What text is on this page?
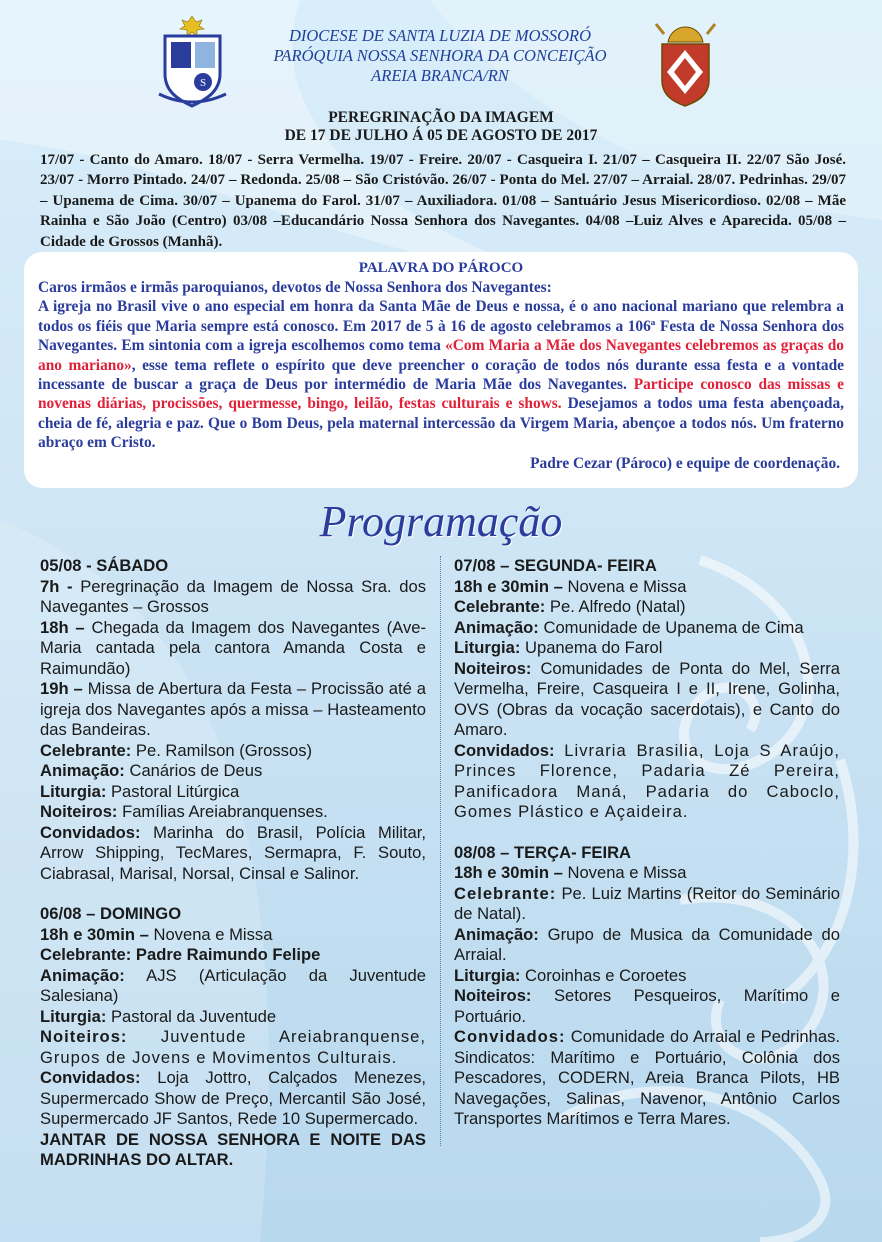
S
DIOCESE DE SANTA LUZIA DE MOSSORÓ
PARÓQUIA NOSSA SENHORA DA CONCEIÇÃO
AREIA BRANCA/RN
PEREGRINAÇÃO DA IMAGEM
DE 17 DE JULHO Á 05 DE AGOSTO DE 2017
17/07 - Canto do Amaro. 18/07 - Serra Vermelha. 19/07 - Freire. 20/07 - Casqueira I. 21/07 – Casqueira II. 22/07 São José. 23/07 - Morro Pintado. 24/07 – Redonda. 25/08 – São Cristóvão. 26/07 - Ponta do Mel. 27/07 – Arraial. 28/07. Pedrinhas. 29/07 – Upanema de Cima. 30/07 – Upanema do Farol. 31/07 – Auxiliadora. 01/08 – Santuário Jesus Misericordioso. 02/08 – Mãe Rainha e São João (Centro) 03/08 –Educandário Nossa Senhora dos Navegantes. 04/08 –Luiz Alves e Aparecida. 05/08 – Cidade de Grossos (Manhã).
PALAVRA DO PÁROCO
Caros irmãos e irmãs paroquianos, devotos de Nossa Senhora dos Navegantes:
A igreja no Brasil vive o ano especial em honra da Santa Mãe de Deus e nossa, é o ano nacional mariano que relembra a todos os fiéis que Maria sempre está conosco. Em 2017 de 5 à 16 de agosto celebramos a 106ª Festa de Nossa Senhora dos Navegantes. Em sintonia com a igreja escolhemos como tema «Com Maria a Mãe dos Navegantes celebremos as graças do ano mariano», esse tema reflete o espírito que deve preencher o coração de todos nós durante essa festa e a vontade incessante de buscar a graça de Deus por intermédio de Maria Mãe dos Navegantes. Participe conosco das missas e novenas diárias, procissões, quermesse, bingo, leilão, festas culturais e shows. Desejamos a todos uma festa abençoada, cheia de fé, alegria e paz. Que o Bom Deus, pela maternal intercessão da Virgem Maria, abençoe a todos nós. Um fraterno abraço em Cristo.
Padre Cezar (Pároco) e equipe de coordenação.
Programação
05/08 - SÁBADO
7h - Peregrinação da Imagem de Nossa Sra. dos Navegantes – Grossos
18h – Chegada da Imagem dos Navegantes (Ave-Maria cantada pela cantora Amanda Costa e Raimundão)
19h – Missa de Abertura da Festa – Procissão até a igreja dos Navegantes após a missa – Hasteamento das Bandeiras.
Celebrante: Pe. Ramilson (Grossos)
Animação: Canários de Deus
Liturgia: Pastoral Litúrgica
Noiteiros: Famílias Areiabranquenses.
Convidados: Marinha do Brasil, Polícia Militar, Arrow Shipping, TecMares, Sermapra, F. Souto, Ciabrasal, Marisal, Norsal, Cinsal e Salinor.
06/08 – DOMINGO
18h e 30min – Novena e Missa
Celebrante: Padre Raimundo Felipe
Animação: AJS (Articulação da Juventude Salesiana)
Liturgia: Pastoral da Juventude
Noiteiros: Juventude Areiabranquense, Grupos de Jovens e Movimentos Culturais.
Convidados: Loja Jottro, Calçados Menezes, Supermercado Show de Preço, Mercantil São José, Supermercado JF Santos, Rede 10 Supermercado.
JANTAR DE NOSSA SENHORA E NOITE DAS MADRINHAS DO ALTAR.
07/08 – SEGUNDA- FEIRA
18h e 30min – Novena e Missa
Celebrante: Pe. Alfredo (Natal)
Animação: Comunidade de Upanema de Cima
Liturgia: Upanema do Farol
Noiteiros: Comunidades de Ponta do Mel, Serra Vermelha, Freire, Casqueira I e II, Irene, Golinha, OVS (Obras da vocação sacerdotais), e Canto do Amaro.
Convidados: Livraria Brasilia, Loja S Araújo, Princes Florence, Padaria Zé Pereira, Panificadora Maná, Padaria do Caboclo, Gomes Plástico e Açaideira.
08/08 – TERÇA- FEIRA
18h e 30min – Novena e Missa
Celebrante: Pe. Luiz Martins (Reitor do Seminário de Natal).
Animação: Grupo de Musica da Comunidade do Arraial.
Liturgia: Coroinhas e Coroetes
Noiteiros: Setores Pesqueiros, Marítimo e Portuário.
Convidados: Comunidade do Arraial e Pedrinhas. Sindicatos: Marítimo e Portuário, Colônia dos Pescadores, CODERN, Areia Branca Pilots, HB Navegações, Salinas, Navenor, Antônio Carlos Transportes Marítimos e Terra Mares.
